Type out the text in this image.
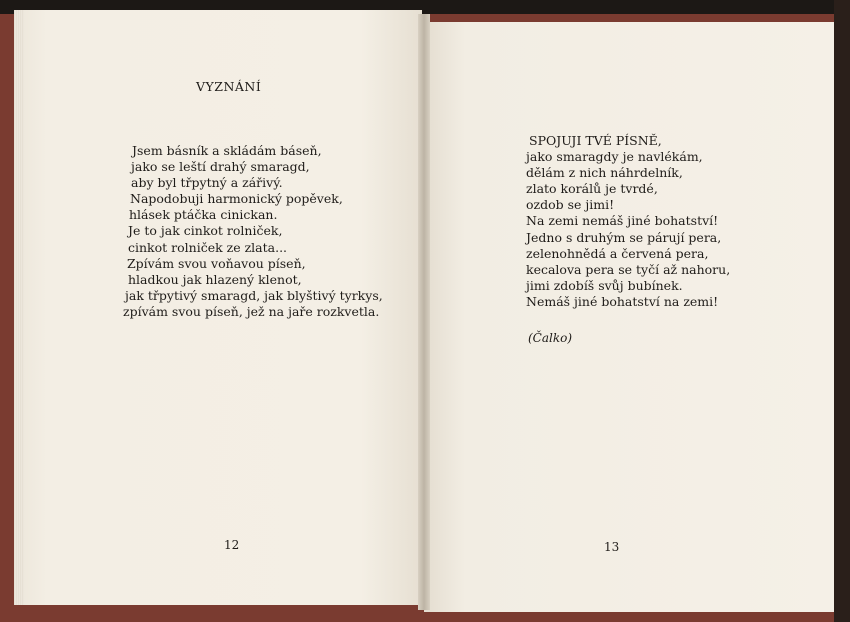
VYZNÁNÍ
Jsem básník a skládám báseň,
jako se leští drahý smaragd,
aby byl třpytný a zářivý.
Napodobuji harmonický popěvek,
hlásek ptáčka cinickan.
Je to jak cinkot rolniček,
cinkot rolniček ze zlata...
Zpívám svou voňavou píseň,
hladkou jak hlazený klenot,
jak třpytivý smaragd, jak blyštivý tyrkys,
zpívám svou píseň, jež na jaře rozkvetla.
SPOJUJI TVÉ PÍSNĚ,
jako smaragdy je navlékám,
dělám z nich náhrdelník,
zlato korálů je tvrdé,
ozdob se jimi!
Na zemi nemáš jiné bohatství!
Jedno s druhým se párují pera,
zelenohnědá a červená pera,
kecalova pera se tyčí až nahoru,
jimi zdobíš svůj bubínek.
Nemáš jiné bohatství na zemi!
(Čalko)
12	13
